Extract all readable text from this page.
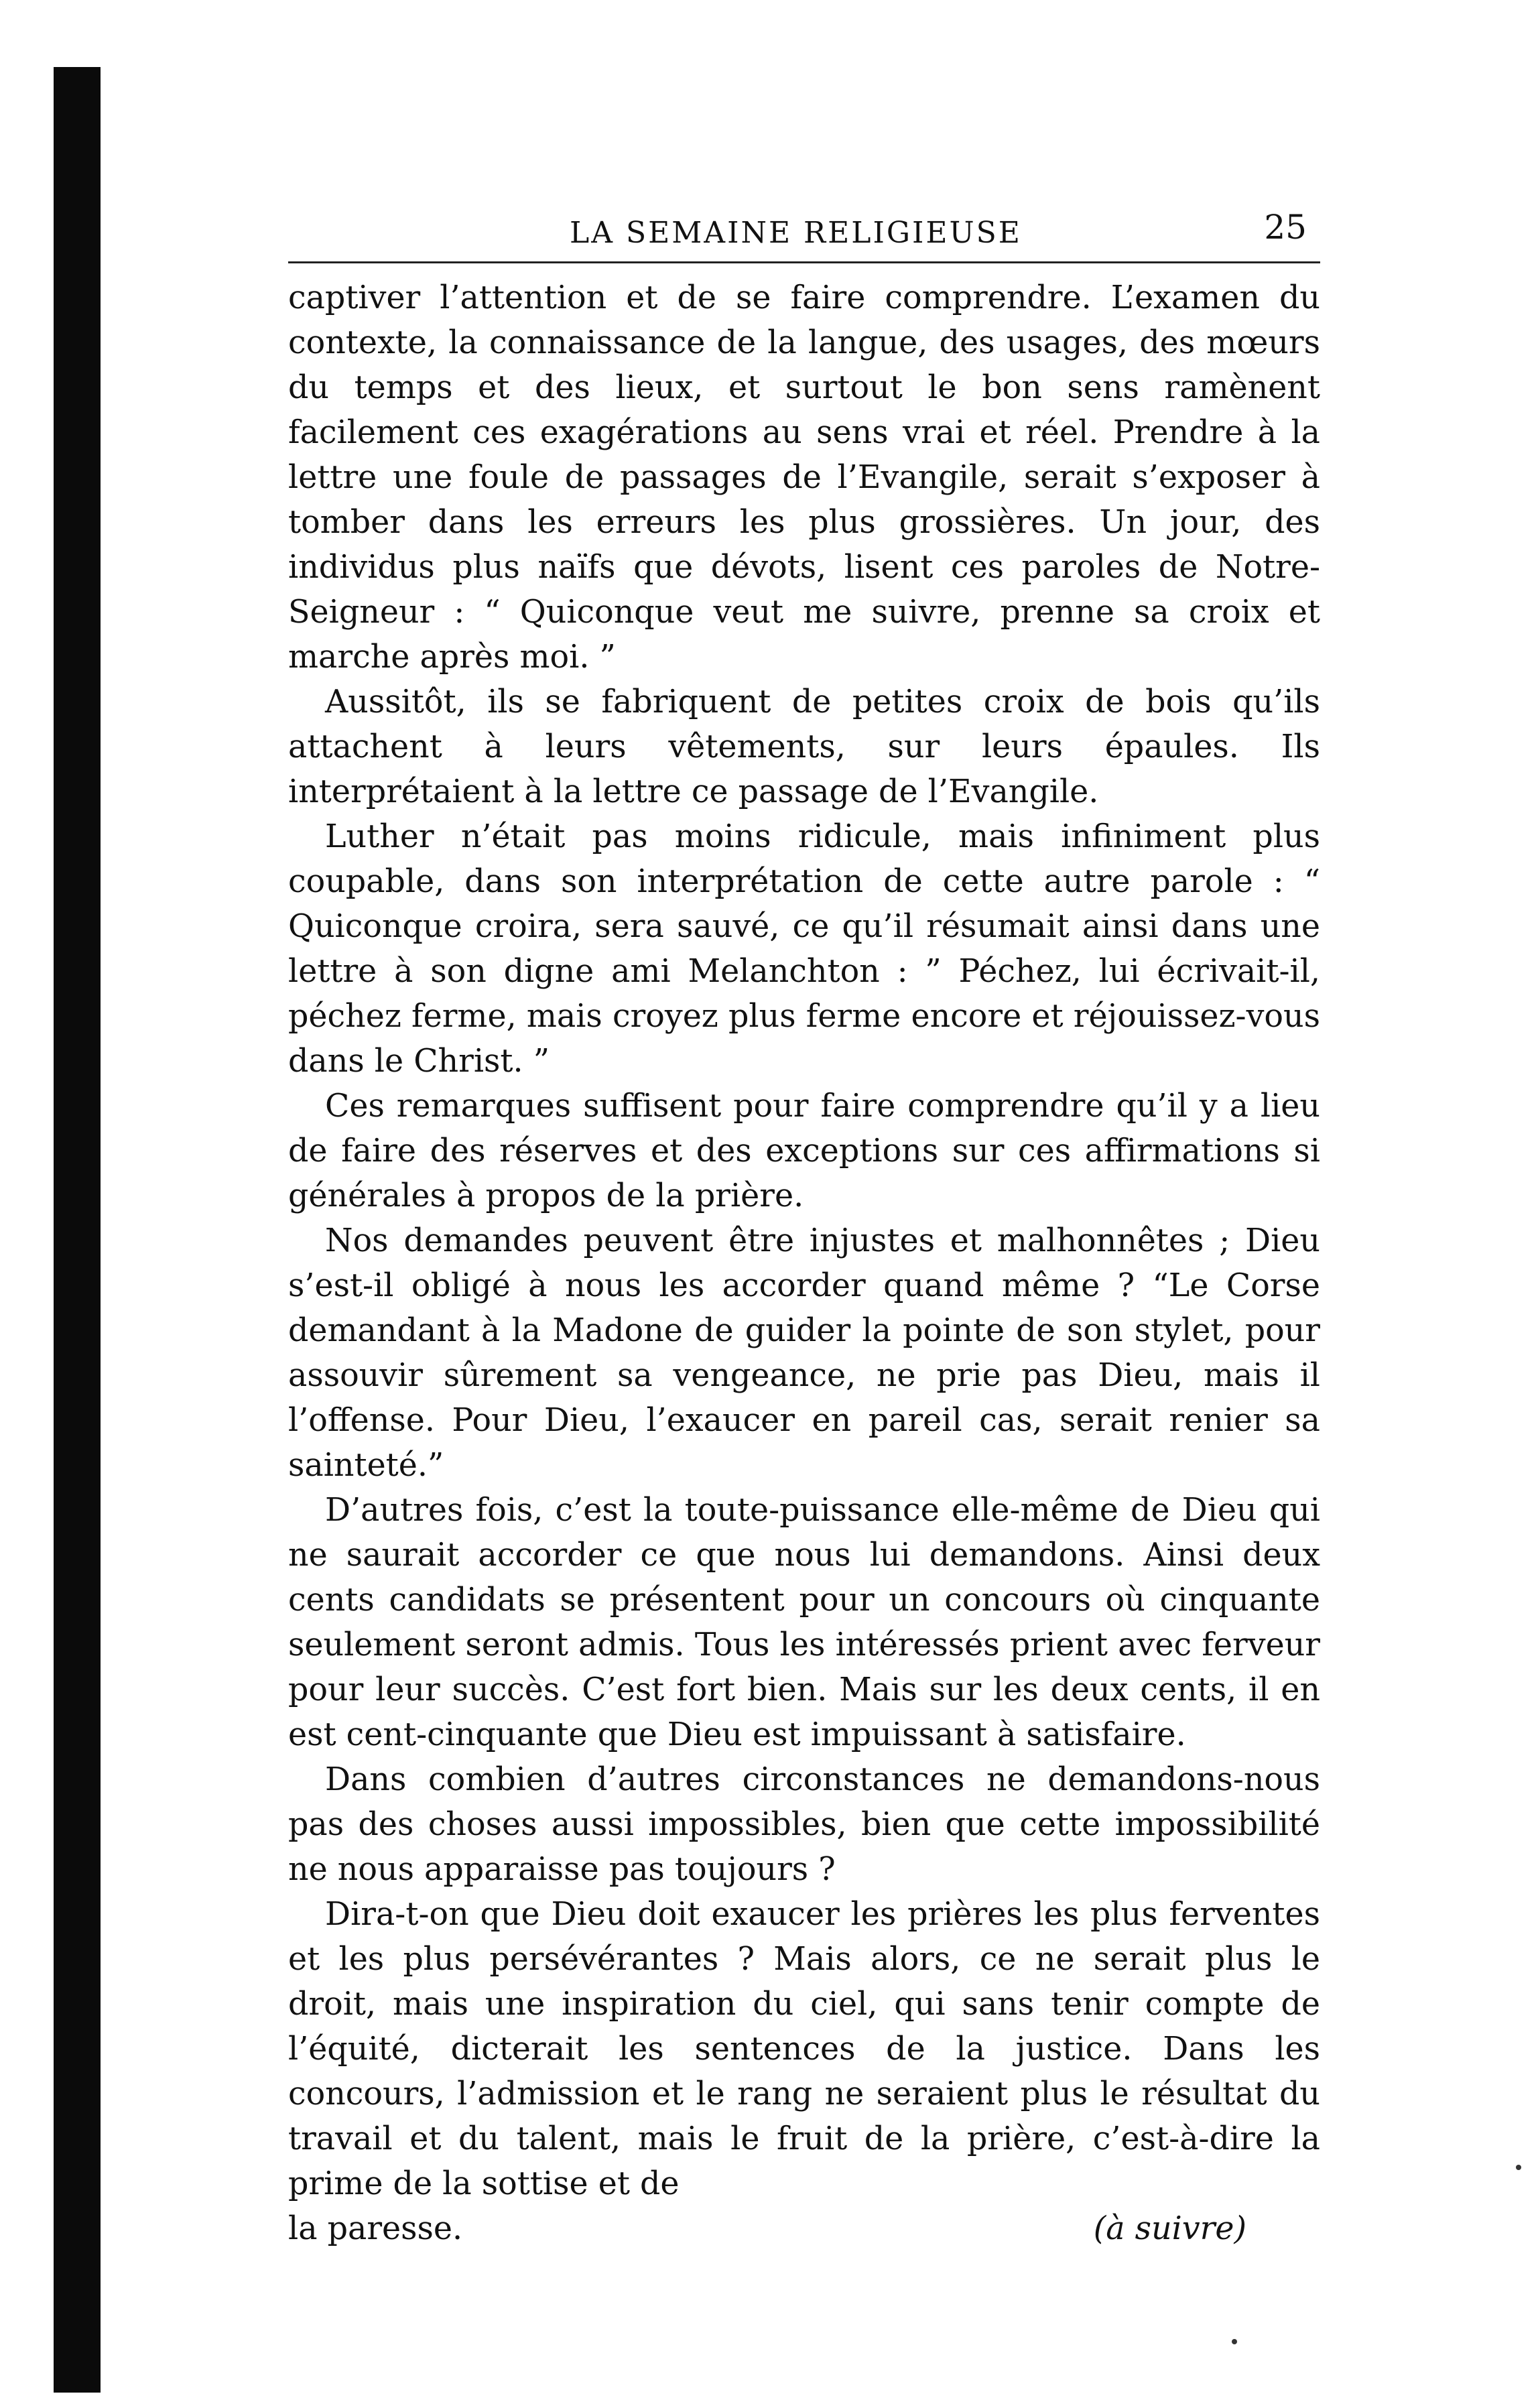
LA SEMAINE RELIGIEUSE	25

captiver l’attention et de se faire comprendre. L’examen du contexte, la connaissance de la langue, des usages, des mœurs du temps et des lieux, et surtout le bon sens ramènent facilement ces exagérations au sens vrai et réel. Prendre à la lettre une foule de passages de l’Evangile, serait s’exposer à tomber dans les erreurs les plus grossières. Un jour, des individus plus naïfs que dévots, lisent ces paroles de Notre-Seigneur : “ Quiconque veut me suivre, prenne sa croix et marche après moi. ”

Aussitôt, ils se fabriquent de petites croix de bois qu’ils attachent à leurs vêtements, sur leurs épaules. Ils interprétaient à la lettre ce passage de l’Evangile.

Luther n’était pas moins ridicule, mais infiniment plus coupable, dans son interprétation de cette autre parole : “ Quiconque croira, sera sauvé, ce qu’il résumait ainsi dans une lettre à son digne ami Melanchton : ” Péchez, lui écrivait-il, péchez ferme, mais croyez plus ferme encore et réjouissez-vous dans le Christ. ”

Ces remarques suffisent pour faire comprendre qu’il y a lieu de faire des réserves et des exceptions sur ces affirmations si générales à propos de la prière.

Nos demandes peuvent être injustes et malhonnêtes ; Dieu s’est-il obligé à nous les accorder quand même ? “Le Corse demandant à la Madone de guider la pointe de son stylet, pour assouvir sûrement sa vengeance, ne prie pas Dieu, mais il l’offense. Pour Dieu, l’exaucer en pareil cas, serait renier sa sainteté.”

D’autres fois, c’est la toute-puissance elle-même de Dieu qui ne saurait accorder ce que nous lui demandons. Ainsi deux cents candidats se présentent pour un concours où cinquante seulement seront admis. Tous les intéressés prient avec ferveur pour leur succès. C’est fort bien. Mais sur les deux cents, il en est cent-cinquante que Dieu est impuissant à satisfaire.

Dans combien d’autres circonstances ne demandons-nous pas des choses aussi impossibles, bien que cette impossibilité ne nous apparaisse pas toujours ?

Dira-t-on que Dieu doit exaucer les prières les plus ferventes et les plus persévérantes ? Mais alors, ce ne serait plus le droit, mais une inspiration du ciel, qui sans tenir compte de l’équité, dicterait les sentences de la justice. Dans les concours, l’admission et le rang ne seraient plus le résultat du travail et du talent, mais le fruit de la prière, c’est-à-dire la prime de la sottise et de

la paresse.	(à suivre)
